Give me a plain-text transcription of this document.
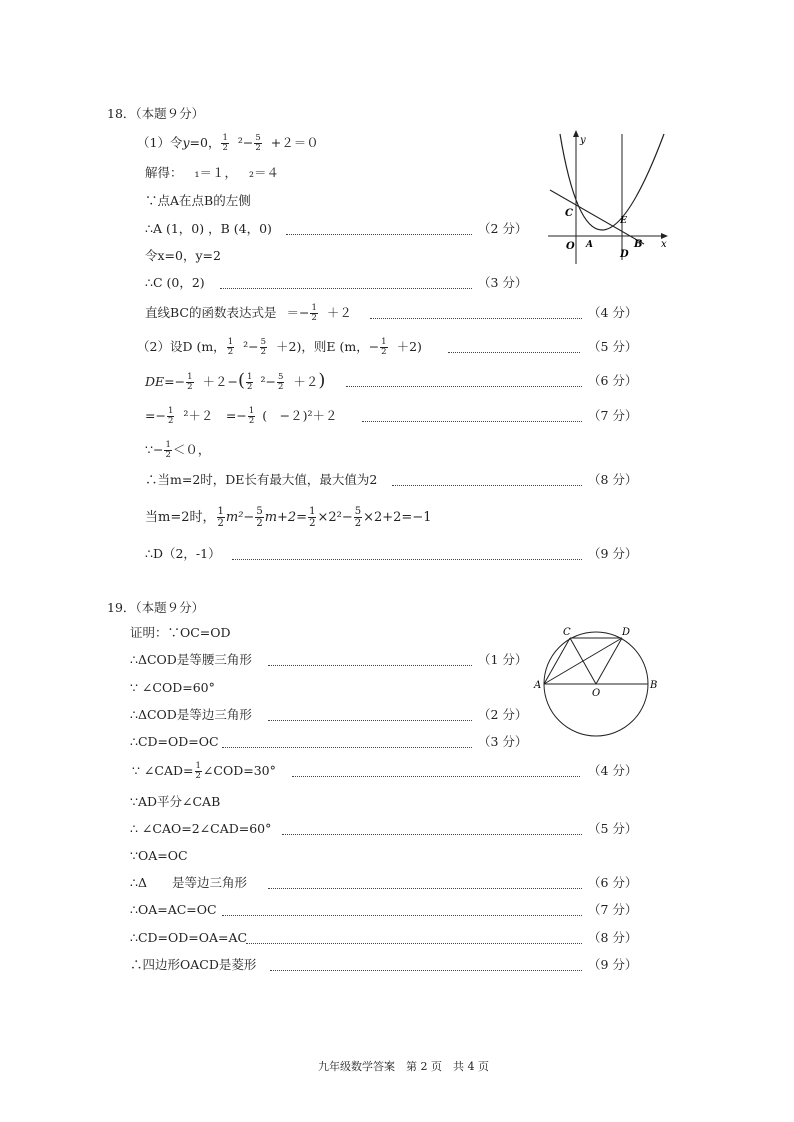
18．（本题９分）
（1）令y=0， $\frac{1}{2} ^2- \frac{5}{2} +2=0$
解得： ₁＝１， ₂＝４
∵点A在点B的左侧
∴A (1，0) ，B (4，0)	（2 分）
令x=0，y=2
∴C (0，2)	（3 分）
直线BC的函数表达式是 ＝− $\frac{1}{2} +2$	（4 分）
（2）设D (m， $\frac{1}{2} ^2- \frac{5}{2} +2$)，则E (m，− $\frac{1}{2} +2$)	（5 分）
$DE=- \frac{1}{2} +2-( \frac{1}{2} ^2- \frac{5}{2} +2)$	（6 分）
=− $\frac{1}{2} ^2+2$　=− $\frac{1}{2}$ (　−２)²＋２	（7 分）
∵− $\frac{1}{2} <0$，
∴当m=2时，DE长有最大值，最大值为2	（8 分）
当m=2时， $\frac{1}{2} m^2- \frac{5}{2} m+2= \frac{1}{2} \times 2^2- \frac{5}{2} \times 2+2=-1$
∴D（2，-1）	（9 分）
y
x
C
E
O A	B
D
19．（本题９分）
证明：∵OC=OD
∴ΔCOD是等腰三角形	（1 分）
∵ ∠COD=60°
∴ΔCOD是等边三角形	（2 分）
∴CD=OD=OC	（3 分）
∵ ∠CAD= $\frac{1}{2}$ ∠COD=30°	（4 分）
∵AD平分∠CAB
∴ ∠CAO=2∠CAD=60°	（5 分）
∵OA=OC
∴Δ　　是等边三角形	（6 分）
∴OA=AC=OC	（7 分）
∴CD=OD=OA=AC	（8 分）
∴四边形OACD是菱形	（9 分）
C	D
A
O
B
九年级数学答案　第 2 页　共 4 页
